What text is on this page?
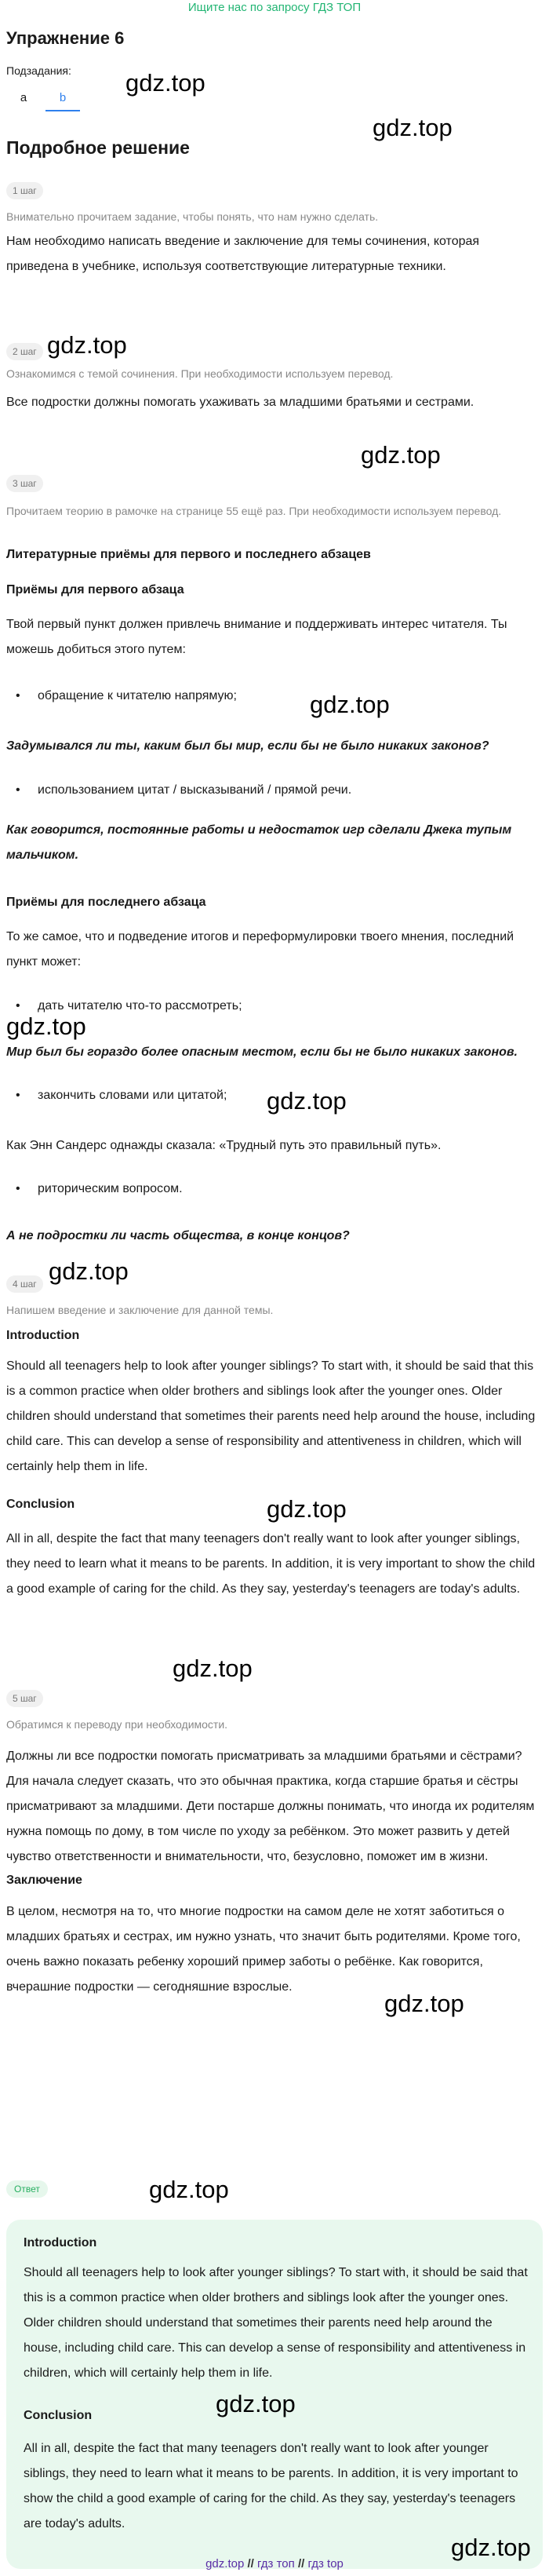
Ищите нас по запросу ГДЗ ТОП
Упражнение 6
Подзадания:
a	b
gdz.top
gdz.top
Подробное решение
1 шаг
Внимательно прочитаем задание, чтобы понять, что нам нужно сделать.
Нам необходимо написать введение и заключение для темы сочинения, которая приведена в учебнике, используя соответствующие литературные техники.
2 шаг gdz.top
Ознакомимся с темой сочинения. При необходимости используем перевод.
Все подростки должны помогать ухаживать за младшими братьями и сестрами.
gdz.top
3 шаг
Прочитаем теорию в рамочке на странице 55 ещё раз. При необходимости используем перевод.
Литературные приёмы для первого и последнего абзацев
Приёмы для первого абзаца
Твой первый пункт должен привлечь внимание и поддерживать интерес читателя. Ты можешь добиться этого путем:
• обращение к читателю напрямую;	gdz.top
Задумывался ли ты, каким был бы мир, если бы не было никаких законов?
• использованием цитат / высказываний / прямой речи.
Как говорится, постоянные работы и недостаток игр сделали Джека тупым мальчиком.
Приёмы для последнего абзаца
То же самое, что и подведение итогов и переформулировки твоего мнения, последний пункт может:
• дать читателю что-то рассмотреть;
gdz.top
Мир был бы гораздо более опасным местом, если бы не было никаких законов.
• закончить словами или цитатой; gdz.top
Как Энн Сандерс однажды сказала: «Трудный путь это правильный путь».
• риторическим вопросом.
А не подростки ли часть общества, в конце концов?
gdz.top
4 шаг
Напишем введение и заключение для данной темы.
Introduction
Should all teenagers help to look after younger siblings? To start with, it should be said that this is a common practice when older brothers and siblings look after the younger ones. Older children should understand that sometimes their parents need help around the house, including child care. This can develop a sense of responsibility and attentiveness in children, which will certainly help them in life.
gdz.top
Conclusion
All in all, despite the fact that many teenagers don't really want to look after younger siblings, they need to learn what it means to be parents. In addition, it is very important to show the child a good example of caring for the child. As they say, yesterday's teenagers are today's adults.
gdz.top
5 шаг
Обратимся к переводу при необходимости.
Должны ли все подростки помогать присматривать за младшими братьями и сёстрами? Для начала следует сказать, что это обычная практика, когда старшие братья и сёстры присматривают за младшими. Дети постарше должны понимать, что иногда их родителям нужна помощь по дому, в том числе по уходу за ребёнком. Это может развить у детей чувство ответственности и внимательности, что, безусловно, поможет им в жизни.
Заключение
В целом, несмотря на то, что многие подростки на самом деле не хотят заботиться о младших братьях и сестрах, им нужно узнать, что значит быть родителями. Кроме того, очень важно показать ребенку хороший пример заботы о ребёнке. Как говорится, вчерашние подростки — сегодняшние взрослые.
gdz.top
Ответ	gdz.top
Introduction
Should all teenagers help to look after younger siblings? To start with, it should be said that this is a common practice when older brothers and siblings look after the younger ones. Older children should understand that sometimes their parents need help around the house, including child care. This can develop a sense of responsibility and attentiveness in children, which will certainly help them in life.
Conclusion
All in all, despite the fact that many teenagers don't really want to look after younger siblings, they need to learn what it means to be parents. In addition, it is very important to show the child a good example of caring for the child. As they say, yesterday's teenagers are today's adults.
gdz.top
gdz.top
gdz.top // гдз топ // гдз top
